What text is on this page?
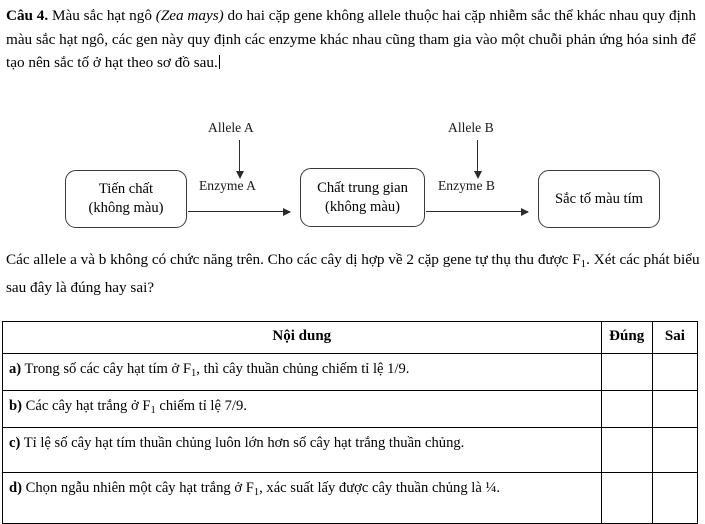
Câu 4. Màu sắc hạt ngô (Zea mays) do hai cặp gene không allele thuộc hai cặp nhiễm sắc thể khác nhau quy định màu sắc hạt ngô, các gen này quy định các enzyme khác nhau cũng tham gia vào một chuỗi phản ứng hóa sinh để tạo nên sắc tố ở hạt theo sơ đồ sau.
Tiến chất
(không màu)
Chất trung gian
(không màu)	Sắc tố màu tím
Allele A	Allele B
Enzyme A	Enzyme B
Các allele a và b không có chức năng trên. Cho các cây dị hợp về 2 cặp gene tự thụ thu được $F_1$. Xét các phát biểu sau đây là đúng hay sai?
Nội dung	Đúng	Sai
a) Trong số các cây hạt tím ở $F_1$, thì cây thuần chủng chiếm tỉ lệ 1/9.		
b) Các cây hạt trắng ở $F_1$ chiếm tỉ lệ 7/9.		
c) Tỉ lệ số cây hạt tím thuần chủng luôn lớn hơn số cây hạt trắng thuần chủng.		
d) Chọn ngẫu nhiên một cây hạt trắng ở $F_1$, xác suất lấy được cây thuần chủng là ¼.		
